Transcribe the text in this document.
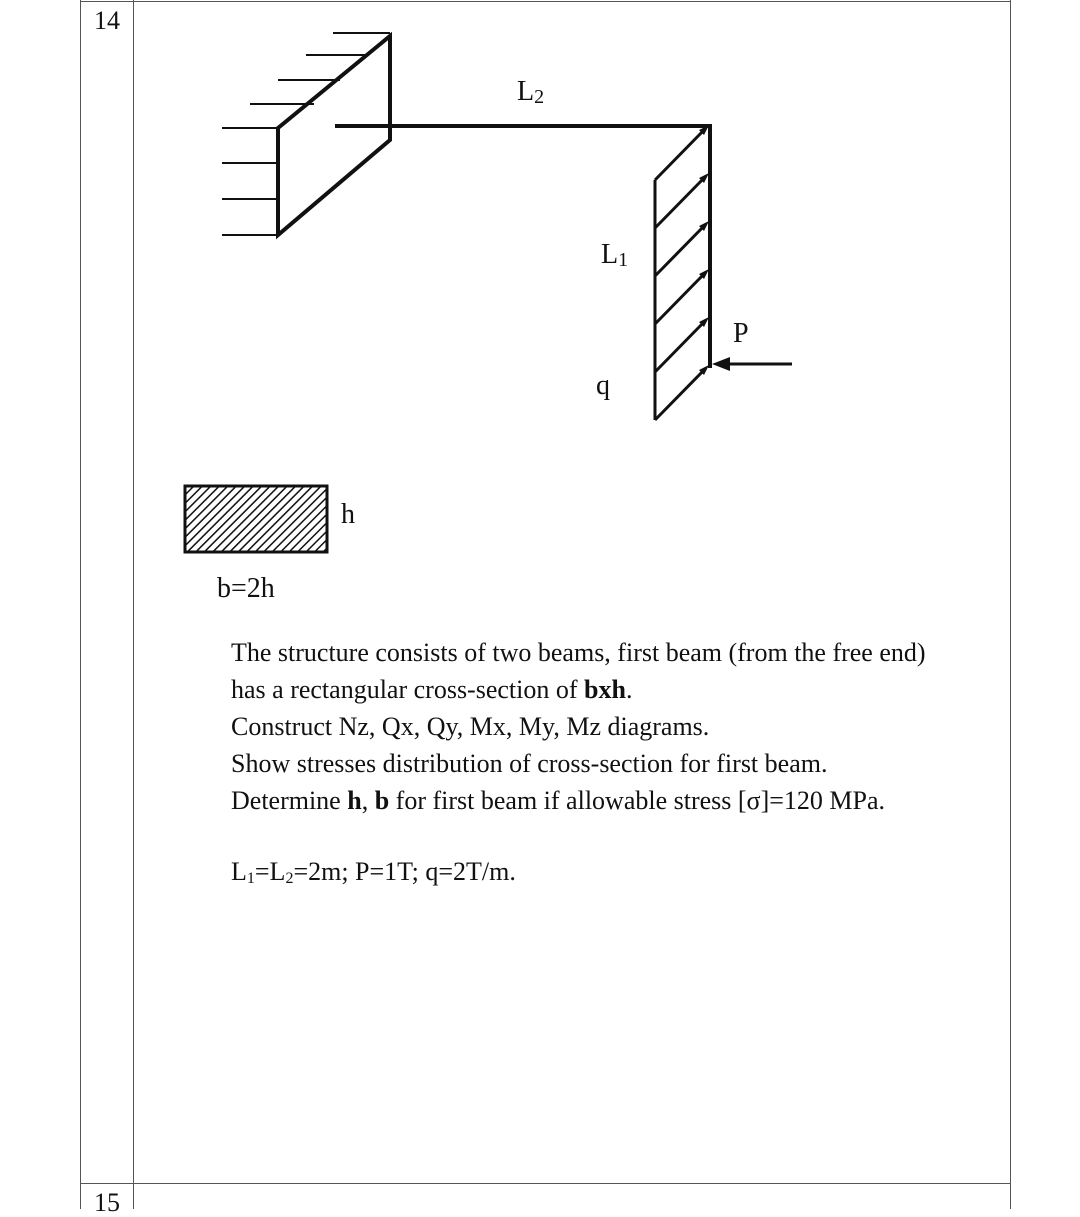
14
15
L2
L1
P
q
h
b=2h

The structure consists of two beams, first beam (from the free end)

has a rectangular cross-section of bxh.

Construct Nz, Qx, Qy, Mx, My, Mz diagrams.

Show stresses distribution of cross-section for first beam.

Determine h, b for first beam if allowable stress [σ]=120 MPa.

$L_1=L_2=2m$; P=1T; q=2T/m.
